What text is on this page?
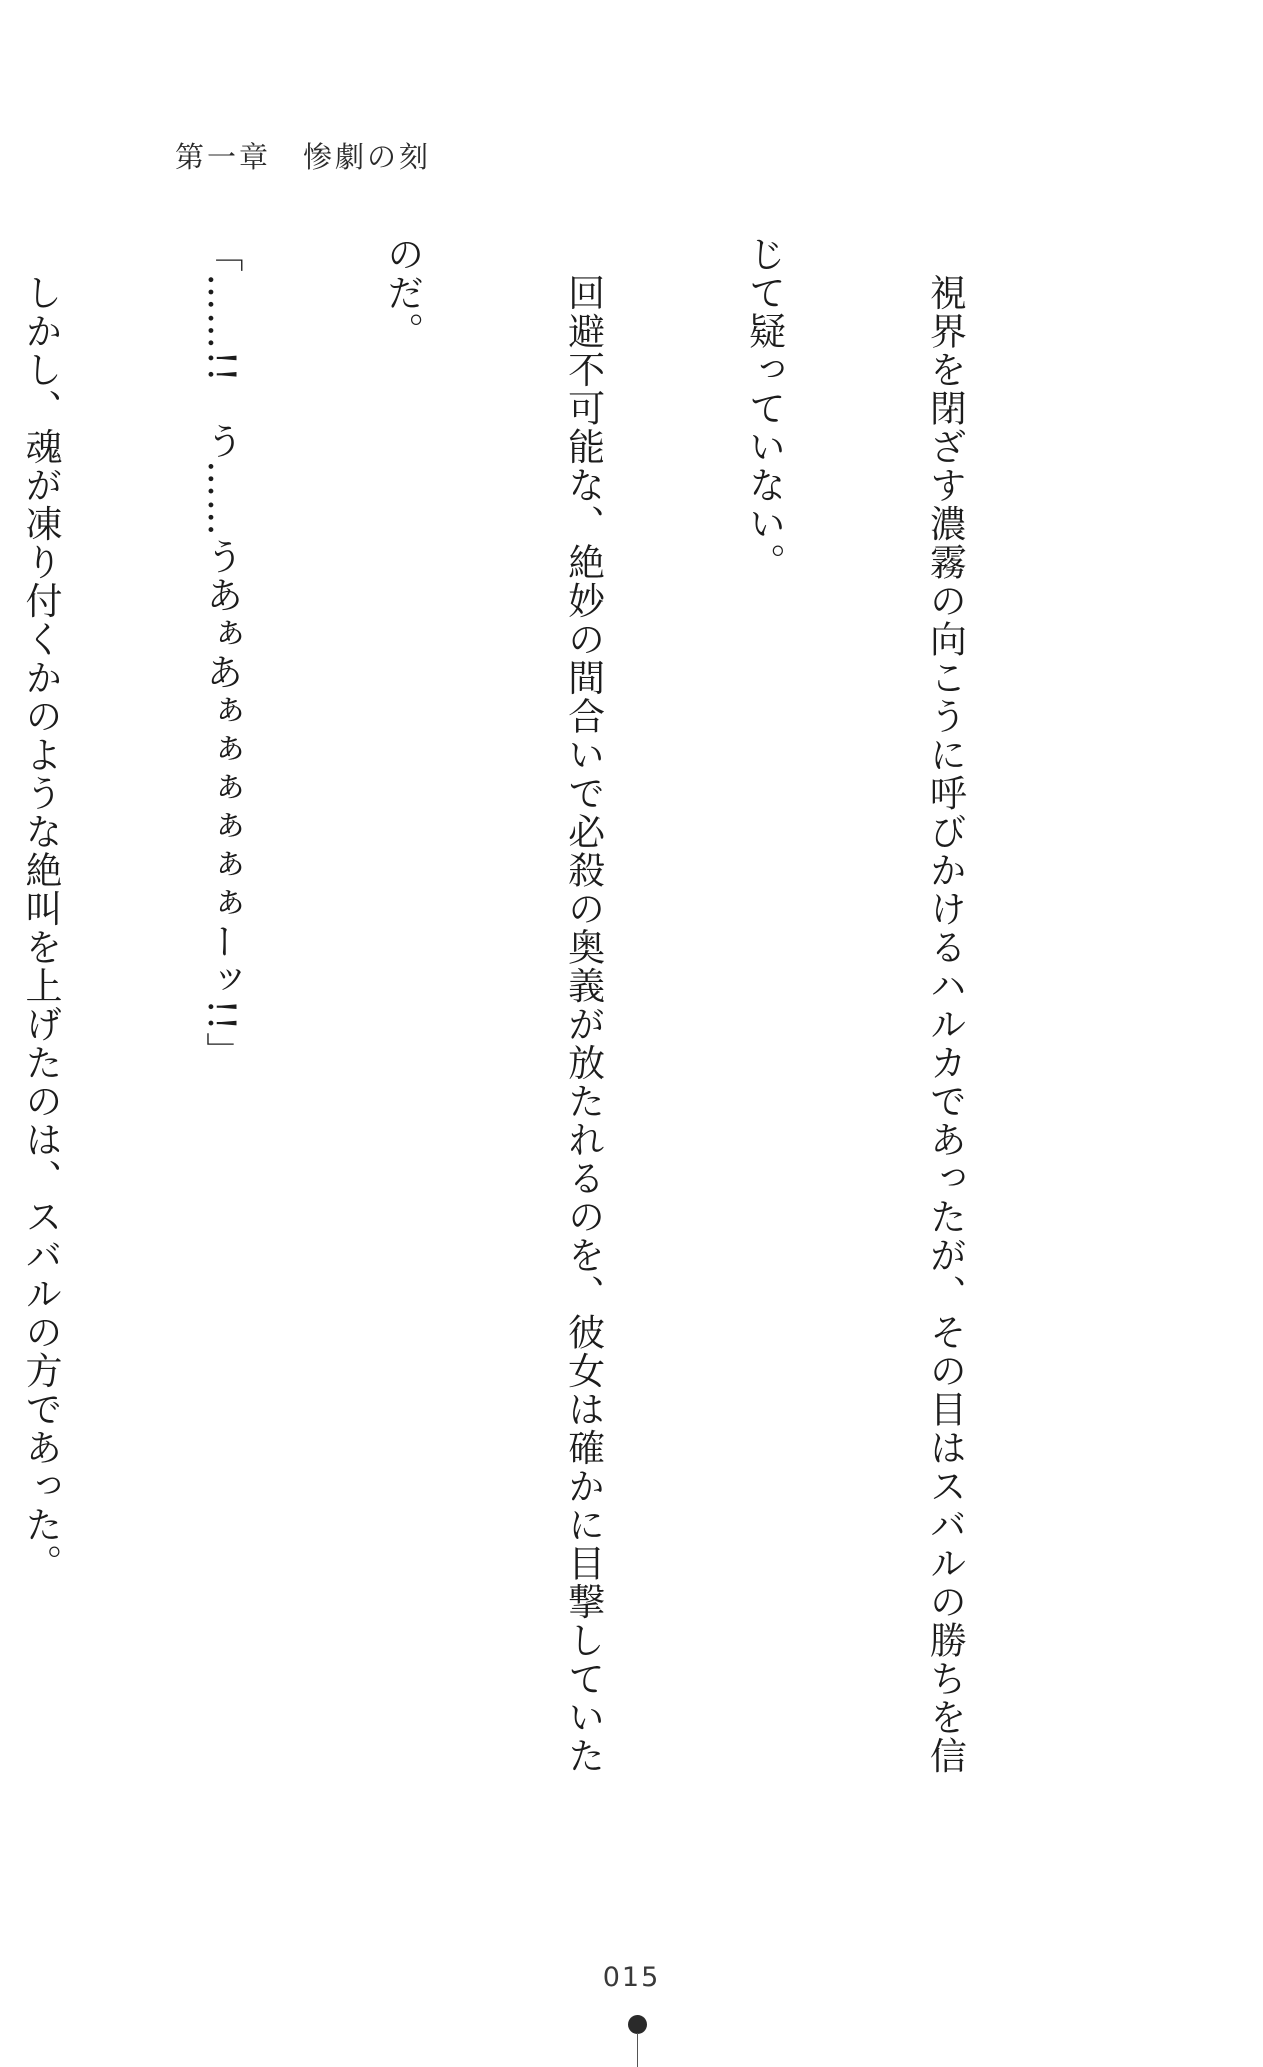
第一章　惨劇の刻

　視界を閉ざす濃霧の向こうに呼びかけるハルカであったが、その目はスバルの勝ちを信

じて疑っていない。

　回避不可能な、絶妙の間合いで必殺の奥義が放たれるのを、彼女は確かに目撃していた

のだ。

「……!!　う……うあぁあぁぁぁぁぁぁーッ!!」

　しかし、魂が凍り付くかのような絶叫を上げたのは、スバルの方であった。

015
